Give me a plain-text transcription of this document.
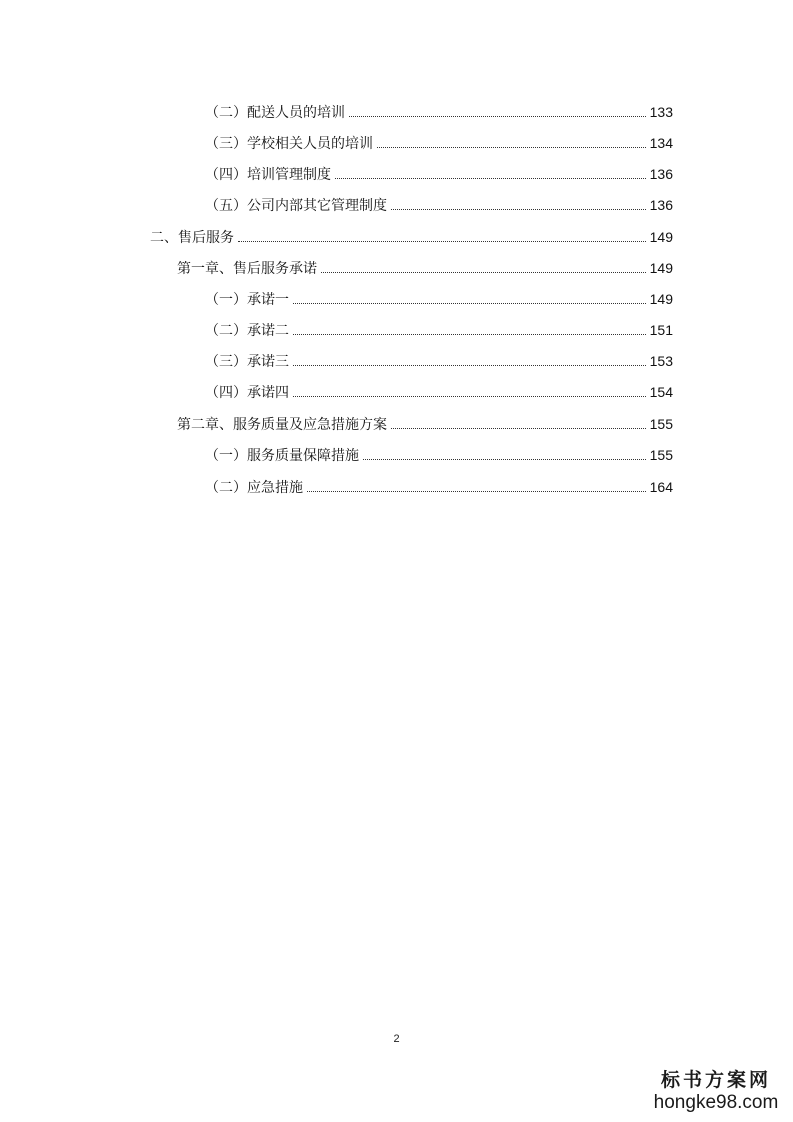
（二）配送人员的培训	133
（三）学校相关人员的培训	134
（四）培训管理制度	136
（五）公司内部其它管理制度	136
二、售后服务	149
第一章、售后服务承诺	149
（一）承诺一	149
（二）承诺二	151
（三）承诺三	153
（四）承诺四	154
第二章、服务质量及应急措施方案	155
（一）服务质量保障措施	155
（二）应急措施	164
2
标书方案网
hongke98.com
